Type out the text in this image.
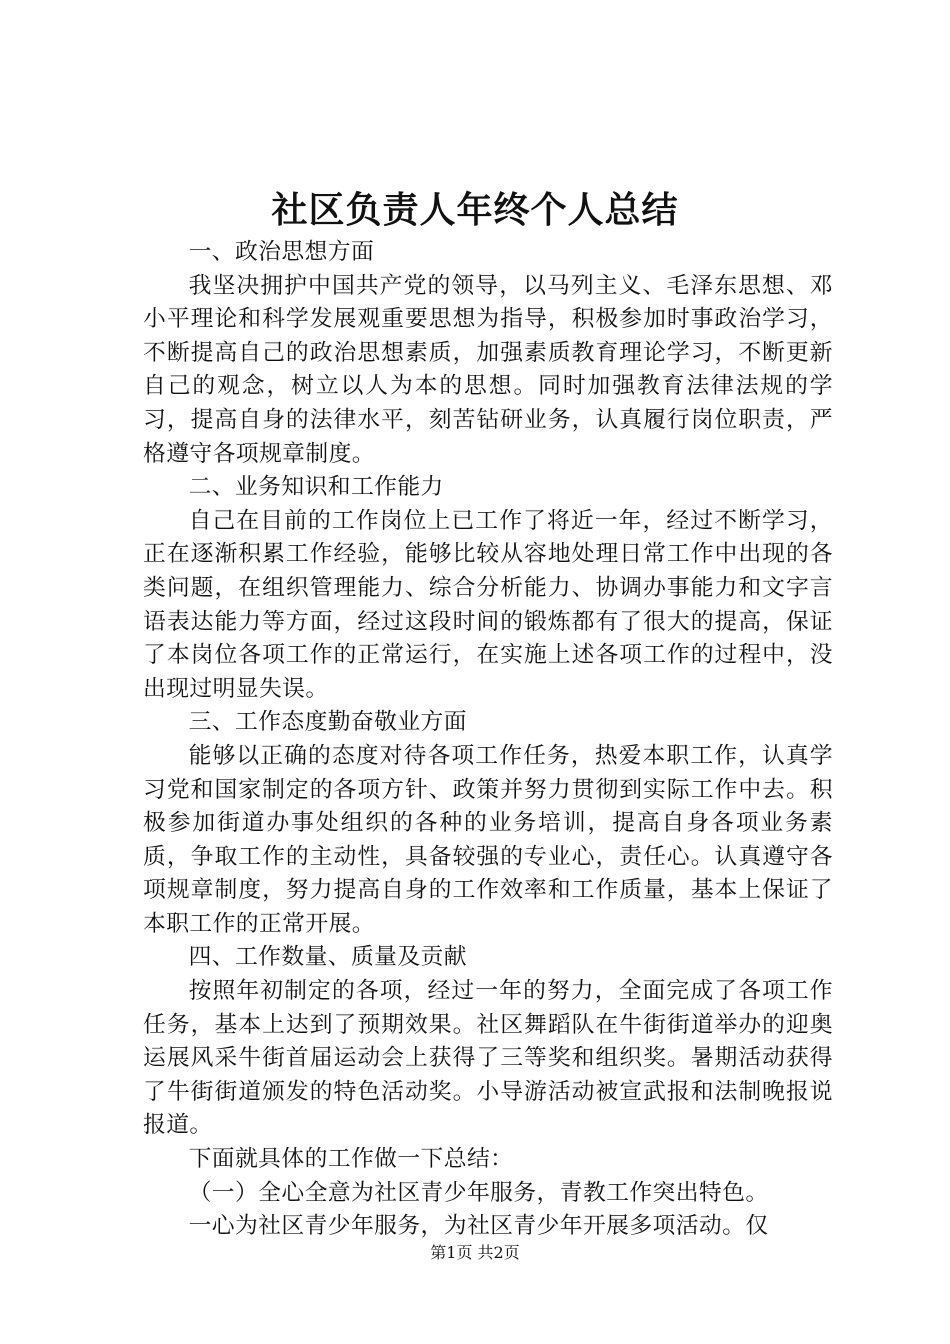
社区负责人年终个人总结

一、政治思想方面

我坚决拥护中国共产党的领导，以马列主义、毛泽东思想、邓小平理论和科学发展观重要思想为指导，积极参加时事政治学习，不断提高自己的政治思想素质，加强素质教育理论学习，不断更新自己的观念，树立以人为本的思想。同时加强教育法律法规的学习，提高自身的法律水平，刻苦钻研业务，认真履行岗位职责，严格遵守各项规章制度。

二、业务知识和工作能力

自己在目前的工作岗位上已工作了将近一年，经过不断学习，正在逐渐积累工作经验，能够比较从容地处理日常工作中出现的各类问题，在组织管理能力、综合分析能力、协调办事能力和文字言语表达能力等方面，经过这段时间的锻炼都有了很大的提高，保证了本岗位各项工作的正常运行，在实施上述各项工作的过程中，没出现过明显失误。

三、工作态度勤奋敬业方面

能够以正确的态度对待各项工作任务，热爱本职工作，认真学习党和国家制定的各项方针、政策并努力贯彻到实际工作中去。积极参加街道办事处组织的各种的业务培训，提高自身各项业务素质，争取工作的主动性，具备较强的专业心，责任心。认真遵守各项规章制度，努力提高自身的工作效率和工作质量，基本上保证了本职工作的正常开展。

四、工作数量、质量及贡献

按照年初制定的各项，经过一年的努力，全面完成了各项工作任务，基本上达到了预期效果。社区舞蹈队在牛街街道举办的迎奥运展风采牛街首届运动会上获得了三等奖和组织奖。暑期活动获得了牛街街道颁发的特色活动奖。小导游活动被宣武报和法制晚报说报道。

下面就具体的工作做一下总结：

（一）全心全意为社区青少年服务，青教工作突出特色。

一心为社区青少年服务，为社区青少年开展多项活动。仅

第1页 共2页
